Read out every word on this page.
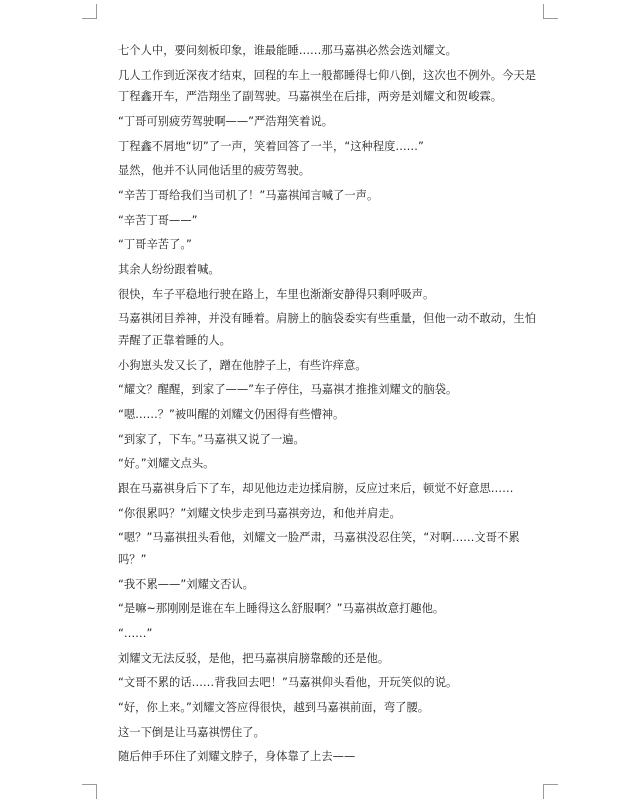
七个人中，要问刻板印象，谁最能睡……那马嘉祺必然会选刘耀文。

几人工作到近深夜才结束，回程的车上一般都睡得七仰八倒，这次也不例外。今天是丁程鑫开车，严浩翔坐了副驾驶。马嘉祺坐在后排，两旁是刘耀文和贺峻霖。

“丁哥可别疲劳驾驶啊——”严浩翔笑着说。

丁程鑫不屑地“切”了一声，笑着回答了一半，“这种程度……”

显然，他并不认同他话里的疲劳驾驶。

“辛苦丁哥给我们当司机了！”马嘉祺闻言喊了一声。

“辛苦丁哥——”

“丁哥辛苦了。”

其余人纷纷跟着喊。

很快，车子平稳地行驶在路上，车里也渐渐安静得只剩呼吸声。

马嘉祺闭目养神，并没有睡着。肩膀上的脑袋委实有些重量，但他一动不敢动，生怕弄醒了正靠着睡的人。

小狗崽头发又长了，蹭在他脖子上，有些许痒意。

“耀文？醒醒，到家了——”车子停住，马嘉祺才推推刘耀文的脑袋。

“嗯……？”被叫醒的刘耀文仍困得有些懵神。

“到家了，下车。”马嘉祺又说了一遍。

“好。”刘耀文点头。

跟在马嘉祺身后下了车，却见他边走边揉肩膀，反应过来后，顿觉不好意思……

“你很累吗？”刘耀文快步走到马嘉祺旁边，和他并肩走。

“嗯？”马嘉祺扭头看他，刘耀文一脸严肃，马嘉祺没忍住笑，“对啊……文哥不累吗？”

“我不累——”刘耀文否认。

“是嘛~那刚刚是谁在车上睡得这么舒服啊？”马嘉祺故意打趣他。

“……”

刘耀文无法反驳，是他，把马嘉祺肩膀靠酸的还是他。

“文哥不累的话……背我回去吧！”马嘉祺仰头看他，开玩笑似的说。

“好，你上来。”刘耀文答应得很快，越到马嘉祺前面，弯了腰。

这一下倒是让马嘉祺愣住了。

随后伸手环住了刘耀文脖子，身体靠了上去——
